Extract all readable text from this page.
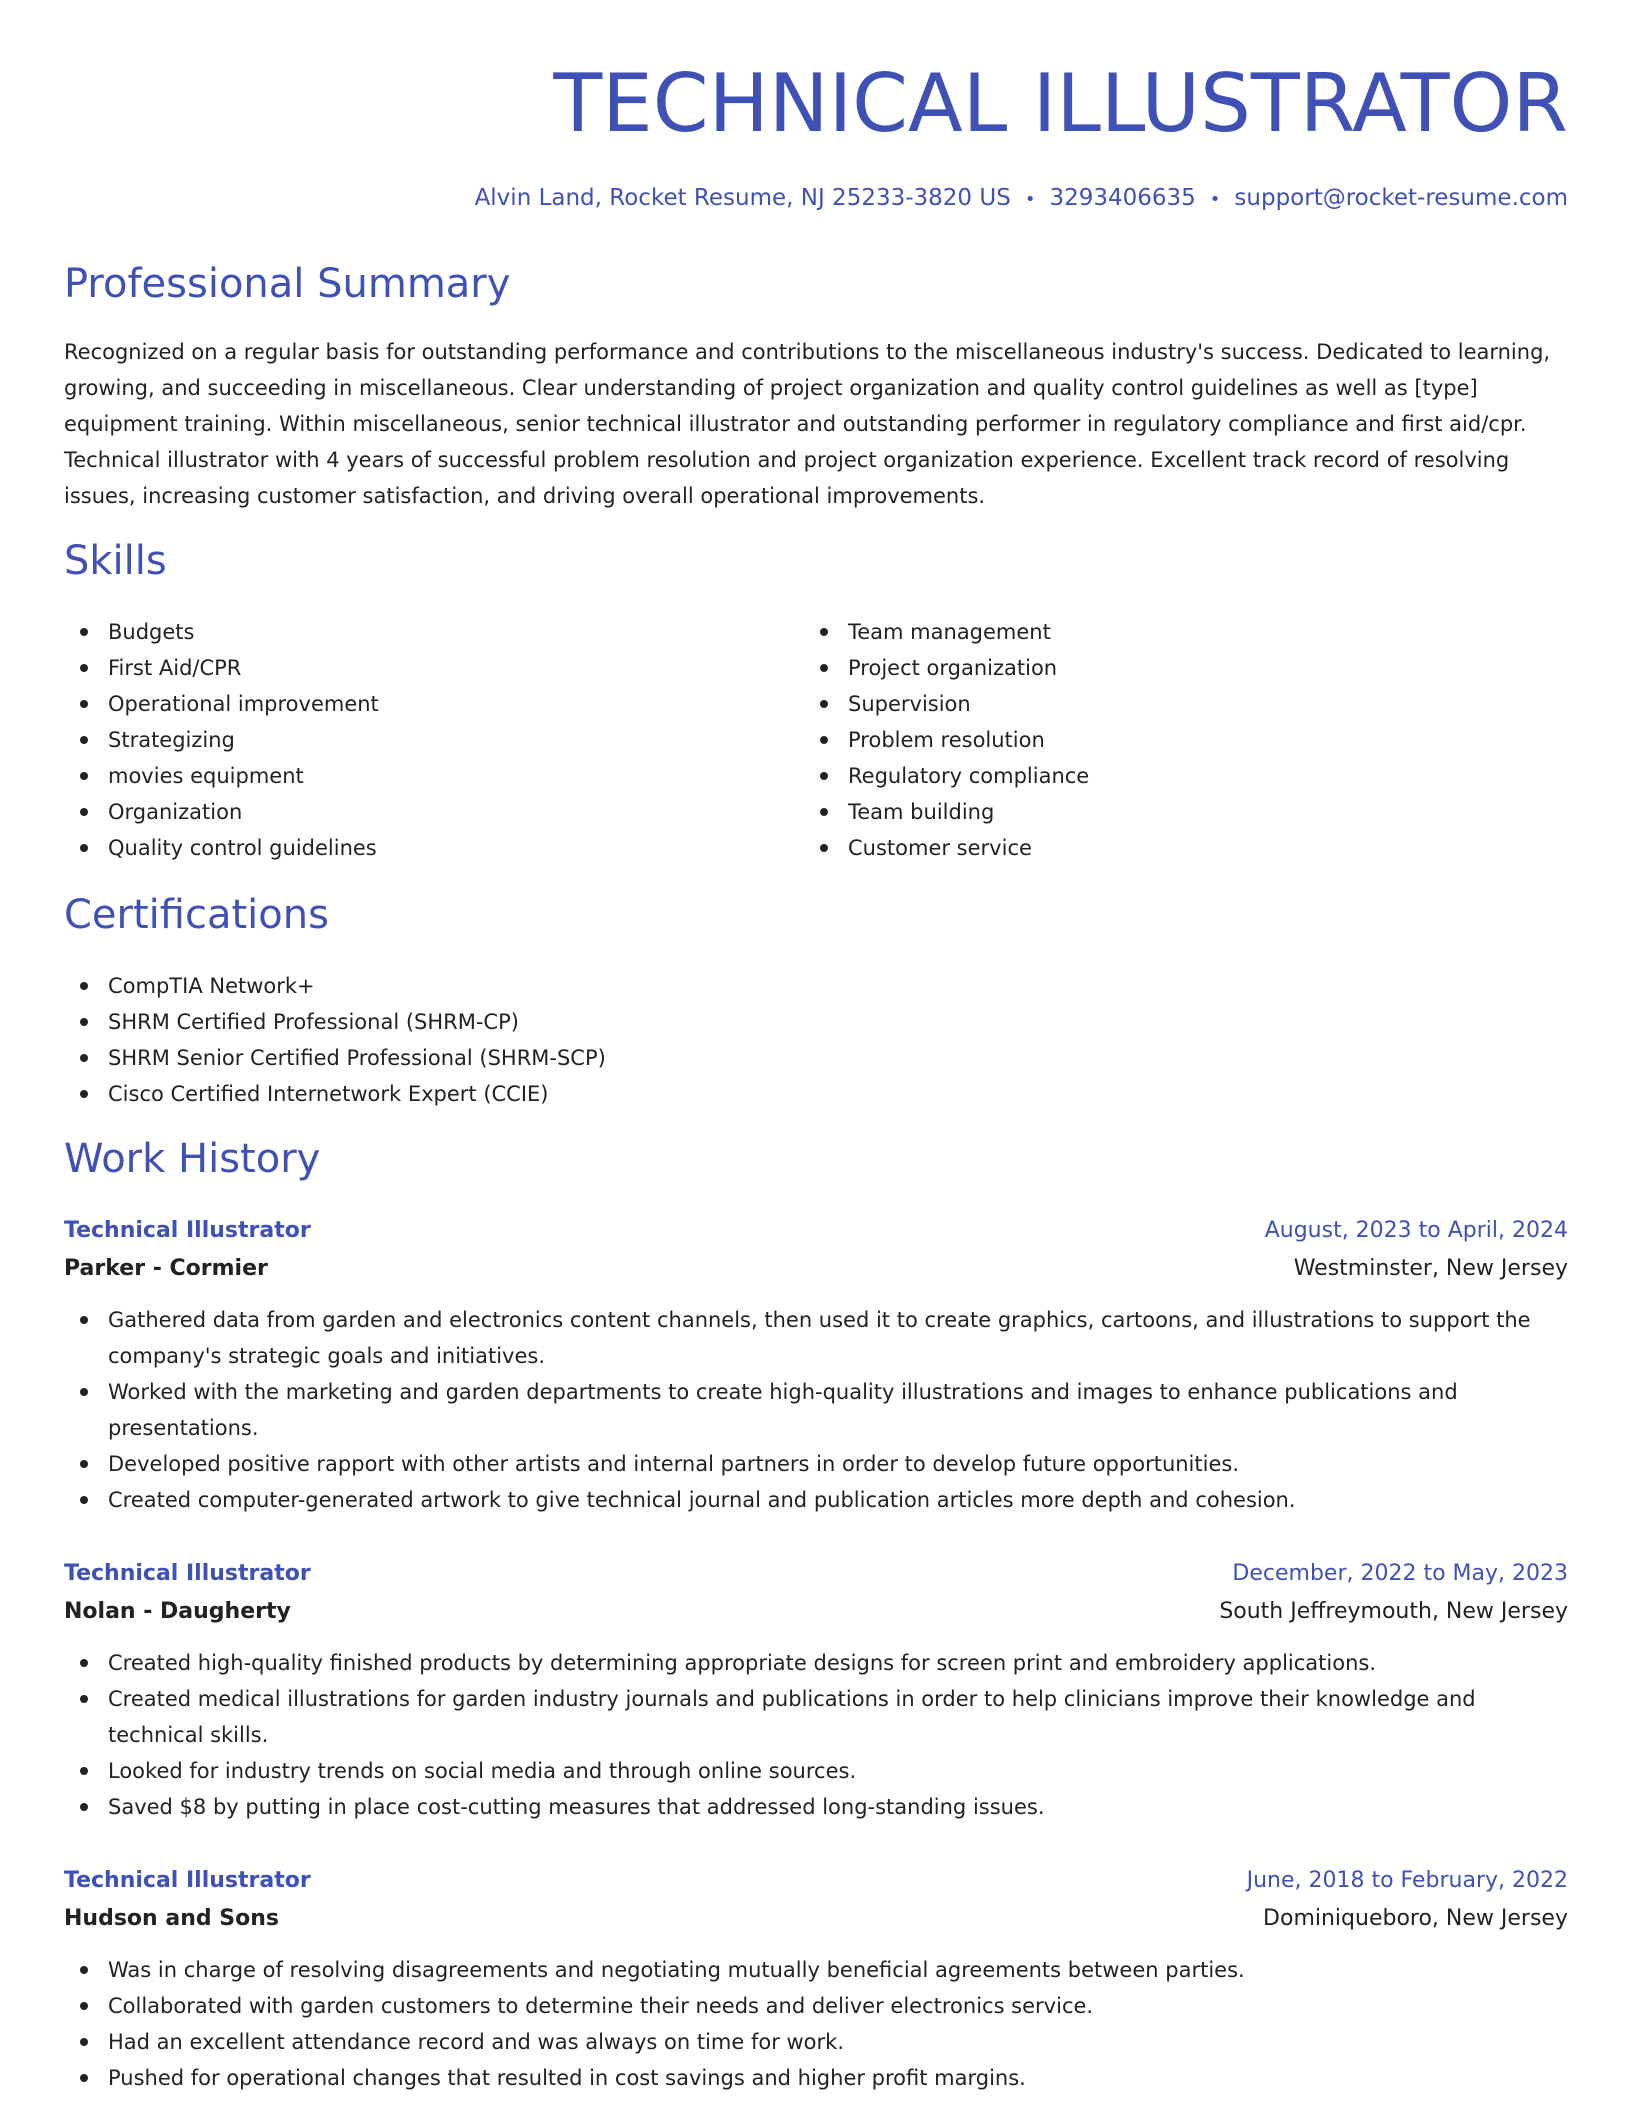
TECHNICAL ILLUSTRATOR
Alvin Land, Rocket Resume, NJ 25233-3820 US • 3293406635 • support@rocket-resume.com
Professional Summary
Recognized on a regular basis for outstanding performance and contributions to the miscellaneous industry's success. Dedicated to learning, growing, and succeeding in miscellaneous. Clear understanding of project organization and quality control guidelines as well as [type] equipment training. Within miscellaneous, senior technical illustrator and outstanding performer in regulatory compliance and first aid/cpr. Technical illustrator with 4 years of successful problem resolution and project organization experience. Excellent track record of resolving issues, increasing customer satisfaction, and driving overall operational improvements.
Skills
Budgets
First Aid/CPR
Operational improvement
Strategizing
movies equipment
Organization
Quality control guidelines
Team management
Project organization
Supervision
Problem resolution
Regulatory compliance
Team building
Customer service
Certifications
CompTIA Network+
SHRM Certified Professional (SHRM-CP)
SHRM Senior Certified Professional (SHRM-SCP)
Cisco Certified Internetwork Expert (CCIE)
Work History
Technical Illustrator	August, 2023 to April, 2024
Parker - Cormier	Westminster, New Jersey
Gathered data from garden and electronics content channels, then used it to create graphics, cartoons, and illustrations to support the company's strategic goals and initiatives.
Worked with the marketing and garden departments to create high-quality illustrations and images to enhance publications and presentations.
Developed positive rapport with other artists and internal partners in order to develop future opportunities.
Created computer-generated artwork to give technical journal and publication articles more depth and cohesion.
Technical Illustrator	December, 2022 to May, 2023
Nolan - Daugherty	South Jeffreymouth, New Jersey
Created high-quality finished products by determining appropriate designs for screen print and embroidery applications.
Created medical illustrations for garden industry journals and publications in order to help clinicians improve their knowledge and technical skills.
Looked for industry trends on social media and through online sources.
Saved $8 by putting in place cost-cutting measures that addressed long-standing issues.
Technical Illustrator	June, 2018 to February, 2022
Hudson and Sons	Dominiqueboro, New Jersey
Was in charge of resolving disagreements and negotiating mutually beneficial agreements between parties.
Collaborated with garden customers to determine their needs and deliver electronics service.
Had an excellent attendance record and was always on time for work.
Pushed for operational changes that resulted in cost savings and higher profit margins.
